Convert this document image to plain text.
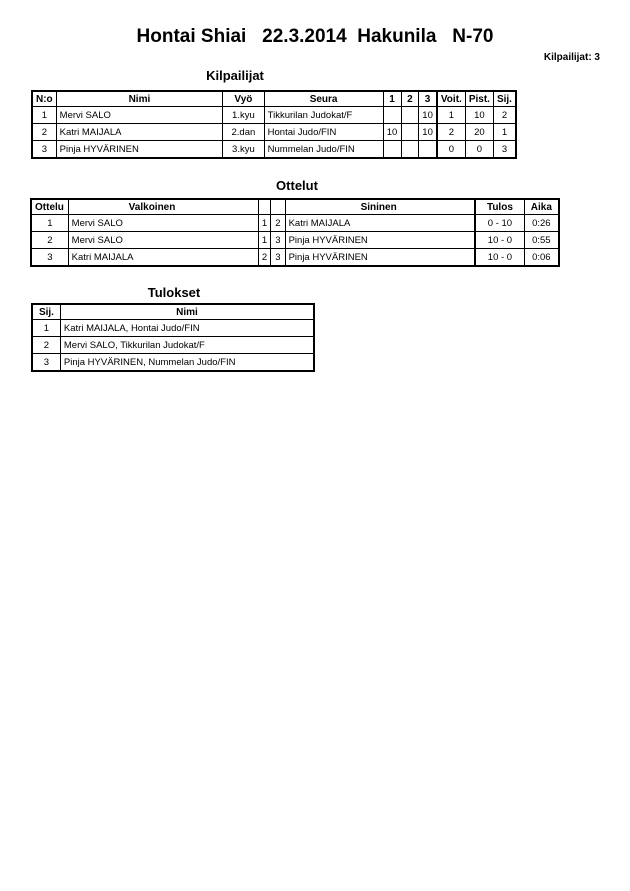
Hontai Shiai   22.3.2014  Hakunila   N-70
Kilpailijat: 3
Kilpailijat
N:o	Nimi	Vyö	Seura	1	2	3	Voit.	Pist.	Sij.
1	Mervi SALO	1.kyu	Tikkurilan Judokat/F			10	1	10	2
2	Katri MAIJALA	2.dan	Hontai Judo/FIN	10		10	2	20	1
3	Pinja HYVÄRINEN	3.kyu	Nummelan Judo/FIN				0	0	3
Ottelut
Ottelu	Valkoinen			Sininen	Tulos	Aika
1	Mervi SALO	1	2	Katri MAIJALA	0 - 10	0:26
2	Mervi SALO	1	3	Pinja HYVÄRINEN	10 - 0	0:55
3	Katri MAIJALA	2	3	Pinja HYVÄRINEN	10 - 0	0:06
Tulokset
Sij.	Nimi
1	Katri MAIJALA, Hontai Judo/FIN
2	Mervi SALO, Tikkurilan Judokat/F
3	Pinja HYVÄRINEN, Nummelan Judo/FIN
